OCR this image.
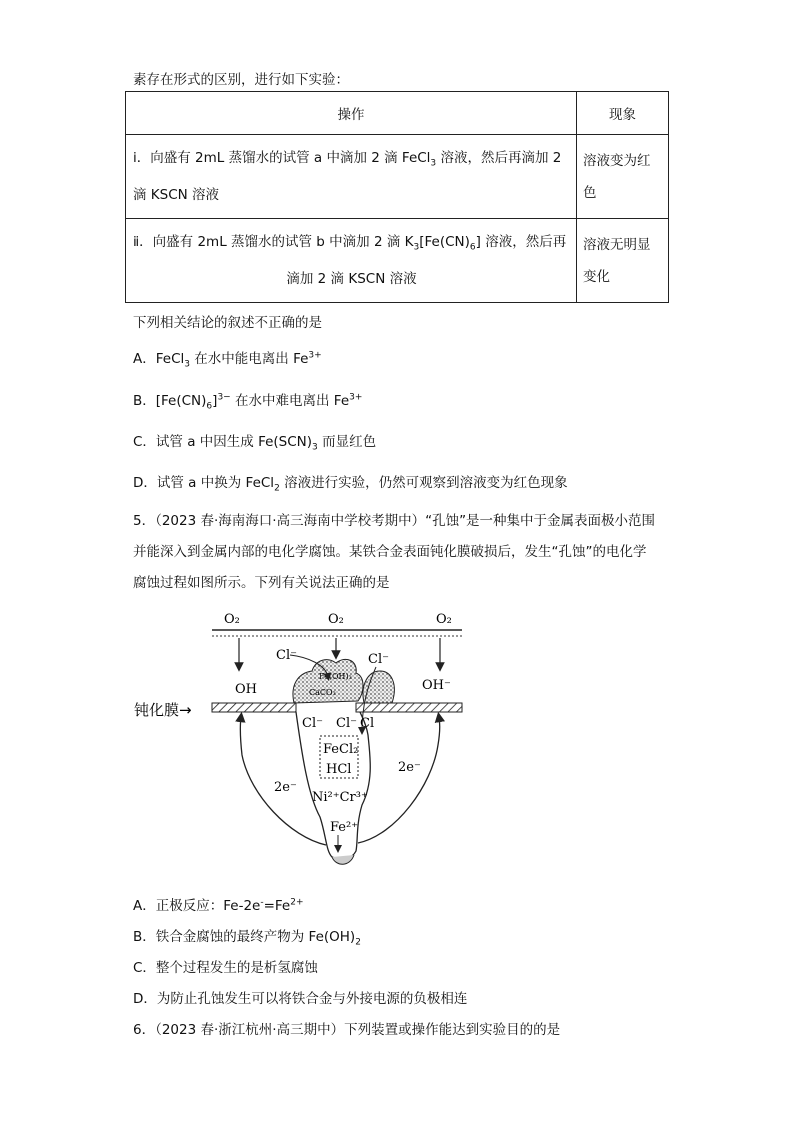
素存在形式的区别，进行如下实验：
操作	现象
ⅰ．向盛有 2mL 蒸馏水的试管 a 中滴加 2 滴 FeCl$_3$ 溶液，然后再滴加 2
滴 KSCN 溶液	溶液变为红
色
ⅱ．向盛有 2mL 蒸馏水的试管 b 中滴加 2 滴 $K_3[Fe(CN)_6]$ 溶液，然后再

滴加 2 滴 KSCN 溶液	溶液无明显
变化
下列相关结论的叙述不正确的是
A．FeCl$_3$ 在水中能电离出 $Fe^{3+}$
B．$[Fe(CN)_6]^{3-}$ 在水中难电离出 $Fe^{3+}$
C．试管 a 中因生成 $Fe(SCN)_3$ 而显红色
D．试管 a 中换为 FeCl$_2$ 溶液进行实验，仍然可观察到溶液变为红色现象
5．（2023 春·海南海口·高三海南中学校考期中）“孔蚀”是一种集中于金属表面极小范围
并能深入到金属内部的电化学腐蚀。某铁合金表面钝化膜破损后，发生“孔蚀”的电化学
腐蚀过程如图所示。下列有关说法正确的是
O₂	O₂	O₂
OH	OH⁻
Fe(OH)₃
CaCO₃
Cl⁻	Cl⁻
钝化膜→
Cl⁻ Cl⁻ Cl
FeCl₂
HCl
Ni²⁺Cr³⁺
Fe²⁺
2e⁻
2e⁻
A．正极反应：$Fe-2e^-=Fe^{2+}$
B．铁合金腐蚀的最终产物为 $Fe(OH)_2$
C．整个过程发生的是析氢腐蚀
D．为防止孔蚀发生可以将铁合金与外接电源的负极相连
6．（2023 春·浙江杭州·高三期中）下列装置或操作能达到实验目的的是
